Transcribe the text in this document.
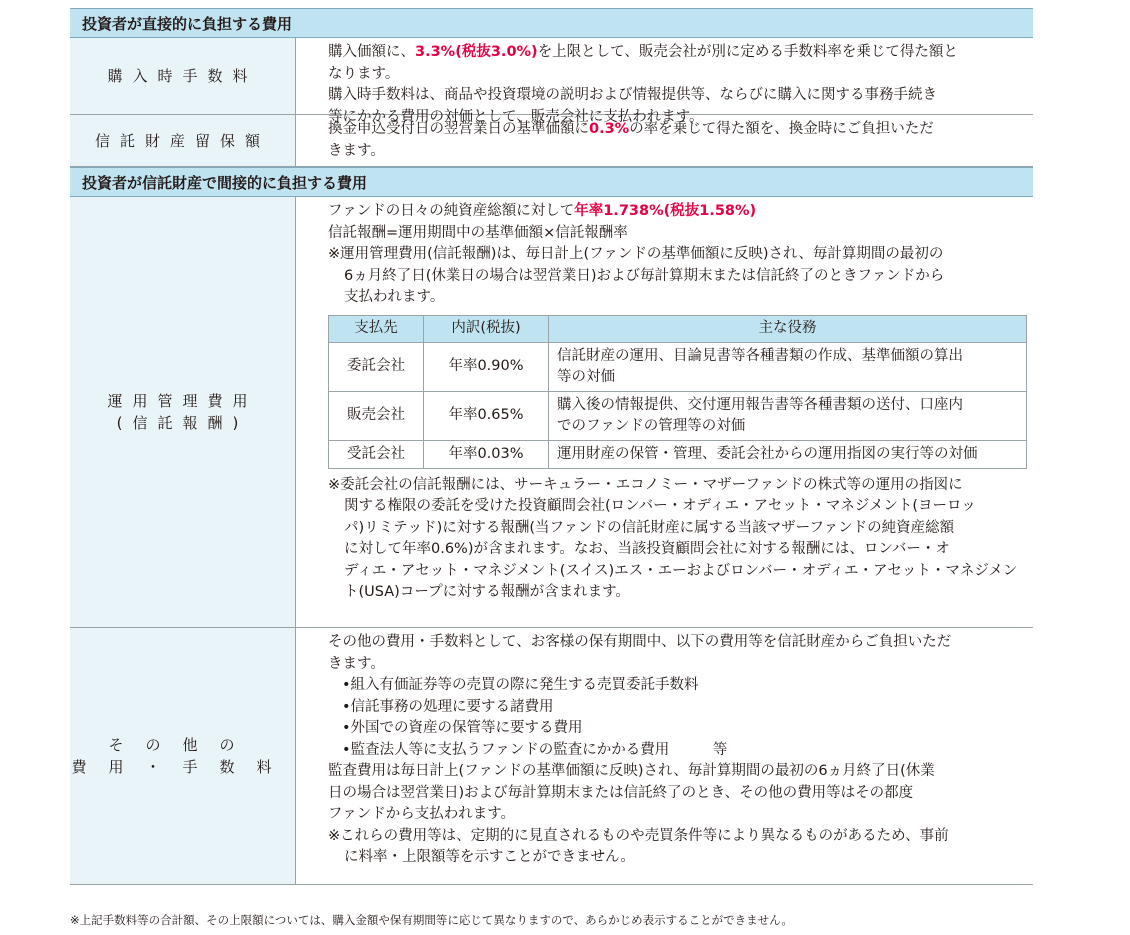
投資者が直接的に負担する費用
購入時手数料

購入価額に、3.3%(税抜3.0%)を上限として、販売会社が別に定める手数料率を乗じて得た額と

なります。

購入時手数料は、商品や投資環境の説明および情報提供等、ならびに購入に関する事務手続き

等にかかる費用の対価として、販売会社に支払われます。

信託財産留保額

換金申込受付日の翌営業日の基準価額に0.3%の率を乗じて得た額を、換金時にご負担いただ

きます。

投資者が信託財産で間接的に負担する費用
運用管理費用
(信託報酬)

ファンドの日々の純資産総額に対して年率1.738%(税抜1.58%)

信託報酬=運用期間中の基準価額×信託報酬率

※運用管理費用(信託報酬)は、毎日計上(ファンドの基準価額に反映)され、毎計算期間の最初の

6ヵ月終了日(休業日の場合は翌営業日)および毎計算期末または信託終了のときファンドから

支払われます。

支払先	内訳(税抜)	主な役務
委託会社	年率0.90%	信託財産の運用、目論見書等各種書類の作成、基準価額の算出
等の対価

販売会社	年率0.65%	購入後の情報提供、交付運用報告書等各種書類の送付、口座内
でのファンドの管理等の対価

受託会社	年率0.03%	運用財産の保管・管理、委託会社からの運用指図の実行等の対価

※委託会社の信託報酬には、サーキュラー・エコノミー・マザーファンドの株式等の運用の指図に

関する権限の委託を受けた投資顧問会社(ロンバー・オディエ・アセット・マネジメント(ヨーロッ

パ)リミテッド)に対する報酬(当ファンドの信託財産に属する当該マザーファンドの純資産総額

に対して年率0.6%)が含まれます。なお、当該投資顧問会社に対する報酬には、ロンバー・オ

ディエ・アセット・マネジメント(スイス)エス・エーおよびロンバー・オディエ・アセット・マネジメン

ト(USA)コープに対する報酬が含まれます。

その他の
費用・手数料

その他の費用・手数料として、お客様の保有期間中、以下の費用等を信託財産からご負担いただ

きます。

•組入有価証券等の売買の際に発生する売買委託手数料

•信託事務の処理に要する諸費用

•外国での資産の保管等に要する費用

•監査法人等に支払うファンドの監査にかかる費用　　　等

監査費用は毎日計上(ファンドの基準価額に反映)され、毎計算期間の最初の6ヵ月終了日(休業

日の場合は翌営業日)および毎計算期末または信託終了のとき、その他の費用等はその都度

ファンドから支払われます。

※これらの費用等は、定期的に見直されるものや売買条件等により異なるものがあるため、事前

に料率・上限額等を示すことができません。

※上記手数料等の合計額、その上限額については、購入金額や保有期間等に応じて異なりますので、あらかじめ表示することができません。
